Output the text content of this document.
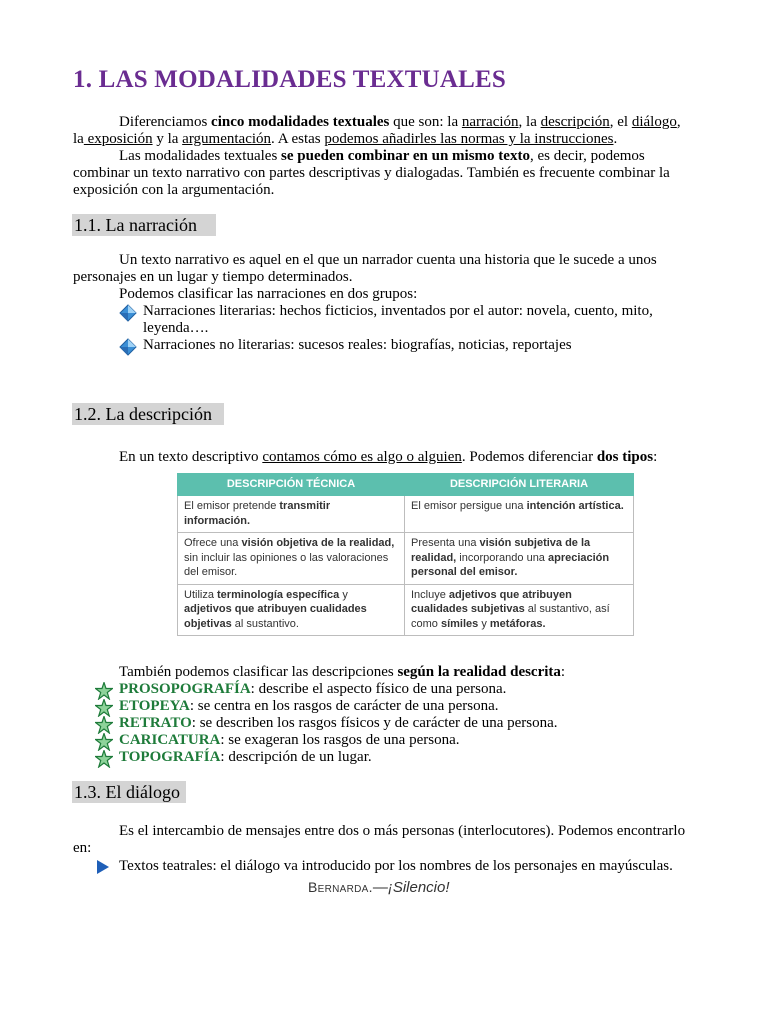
1. LAS MODALIDADES TEXTUALES
Diferenciamos cinco modalidades textuales que son: la narración, la descripción, el diálogo, la exposición y la argumentación. A estas podemos añadirles las normas y la instrucciones.
Las modalidades textuales se pueden combinar en un mismo texto, es decir, podemos combinar un texto narrativo con partes descriptivas y dialogadas. También es frecuente combinar la exposición con la argumentación.
1.1. La narración
Un texto narrativo es aquel en el que un narrador cuenta una historia que le sucede a unos personajes en un lugar y tiempo determinados.
Podemos clasificar las narraciones en dos grupos:
Narraciones literarias: hechos ficticios, inventados por el autor: novela, cuento, mito, leyenda….
Narraciones no literarias: sucesos reales: biografías, noticias, reportajes
1.2. La descripción
En un texto descriptivo contamos cómo es algo o alguien. Podemos diferenciar dos tipos:
DESCRIPCIÓN TÉCNICA	DESCRIPCIÓN LITERARIA
El emisor pretende transmitir información.	El emisor persigue una intención artística.
Ofrece una visión objetiva de la realidad, sin incluir las opiniones o las valoraciones del emisor.	Presenta una visión subjetiva de la realidad, incorporando una apreciación personal del emisor.
Utiliza terminología específica y adjetivos que atribuyen cualidades objetivas al sustantivo.	Incluye adjetivos que atribuyen cualidades subjetivas al sustantivo, así como símiles y metáforas.
También podemos clasificar las descripciones según la realidad descrita:
PROSOPOGRAFÍA: describe el aspecto físico de una persona.
ETOPEYA: se centra en los rasgos de carácter de una persona.
RETRATO: se describen los rasgos físicos y de carácter de una persona.
CARICATURA: se exageran los rasgos de una persona.
TOPOGRAFÍA: descripción de un lugar.
1.3. El diálogo
Es el intercambio de mensajes entre dos o más personas (interlocutores). Podemos encontrarlo en:
Textos teatrales: el diálogo va introducido por los nombres de los personajes en mayúsculas.
Bernarda.—¡Silencio!
